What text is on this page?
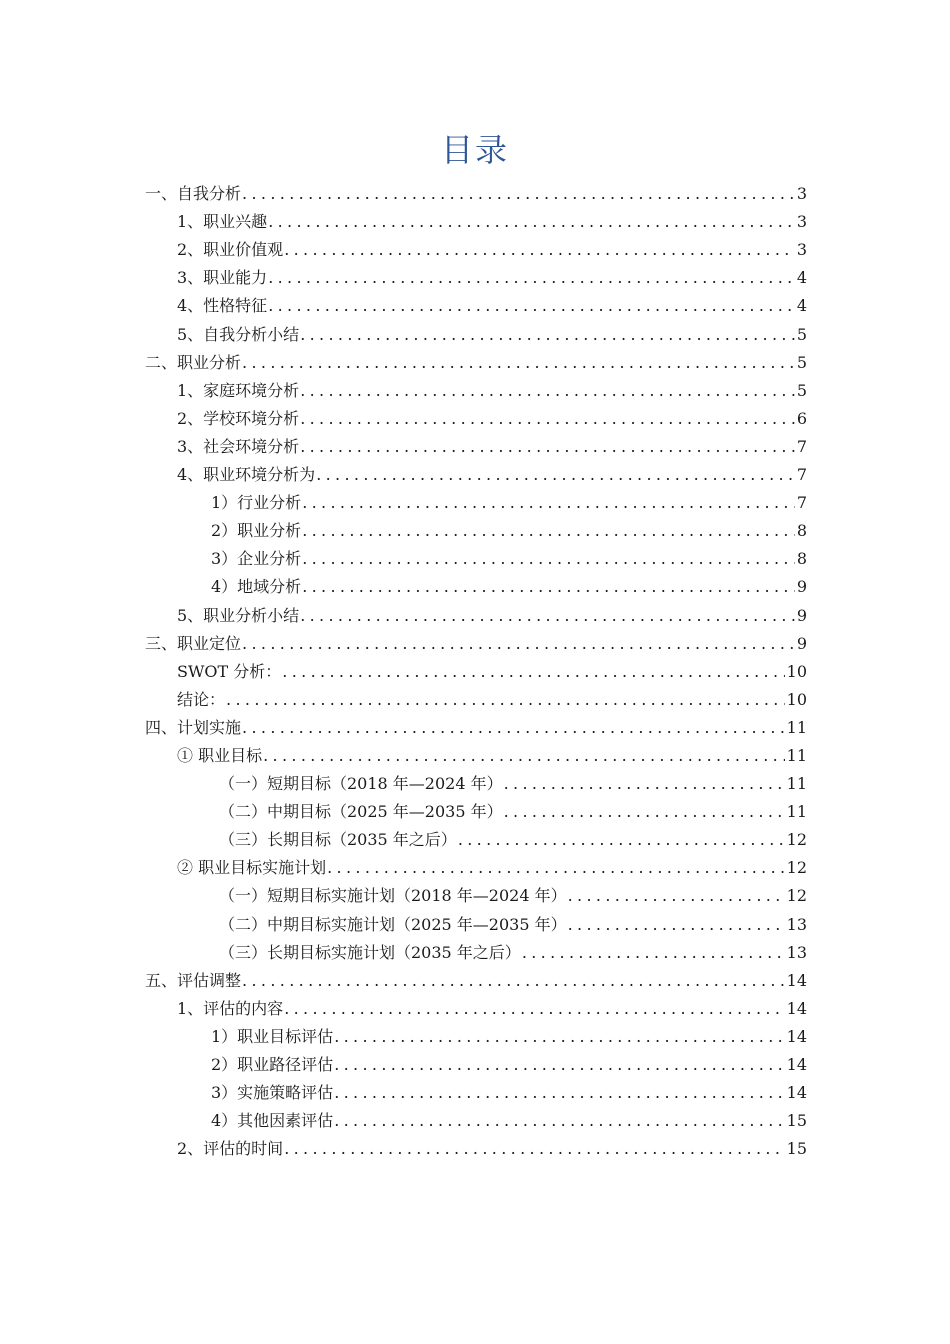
目录
一、自我分析 .....	3
1、职业兴趣 .....	3
2、职业价值观 .....	3
3、职业能力 .....	4
4、性格特征 .....	4
5、自我分析小结 .....	5
二、职业分析 .....	5
1、家庭环境分析 .....	5
2、学校环境分析 .....	6
3、社会环境分析 .....	7
4、职业环境分析为 .....	7
1）行业分析 .....	7
2）职业分析 .....	8
3）企业分析 .....	8
4）地域分析 .....	9
5、职业分析小结 .....	9
三、职业定位 .....	9
SWOT 分析： .....	10
结论： .....	10
四、计划实施 .....	11
① 职业目标 .....	11
（一）短期目标（2018 年—2024 年） .....	11
（二）中期目标（2025 年—2035 年） .....	11
（三）长期目标（2035 年之后） .....	12
② 职业目标实施计划 .....	12
（一）短期目标实施计划（2018 年—2024 年） .....	12
（二）中期目标实施计划（2025 年—2035 年） .....	13
（三）长期目标实施计划（2035 年之后） .....	13
五、评估调整 .....	14
1、评估的内容 .....	14
1）职业目标评估 .....	14
2）职业路径评估 .....	14
3）实施策略评估 .....	14
4）其他因素评估 .....	15
2、评估的时间 .....	15
